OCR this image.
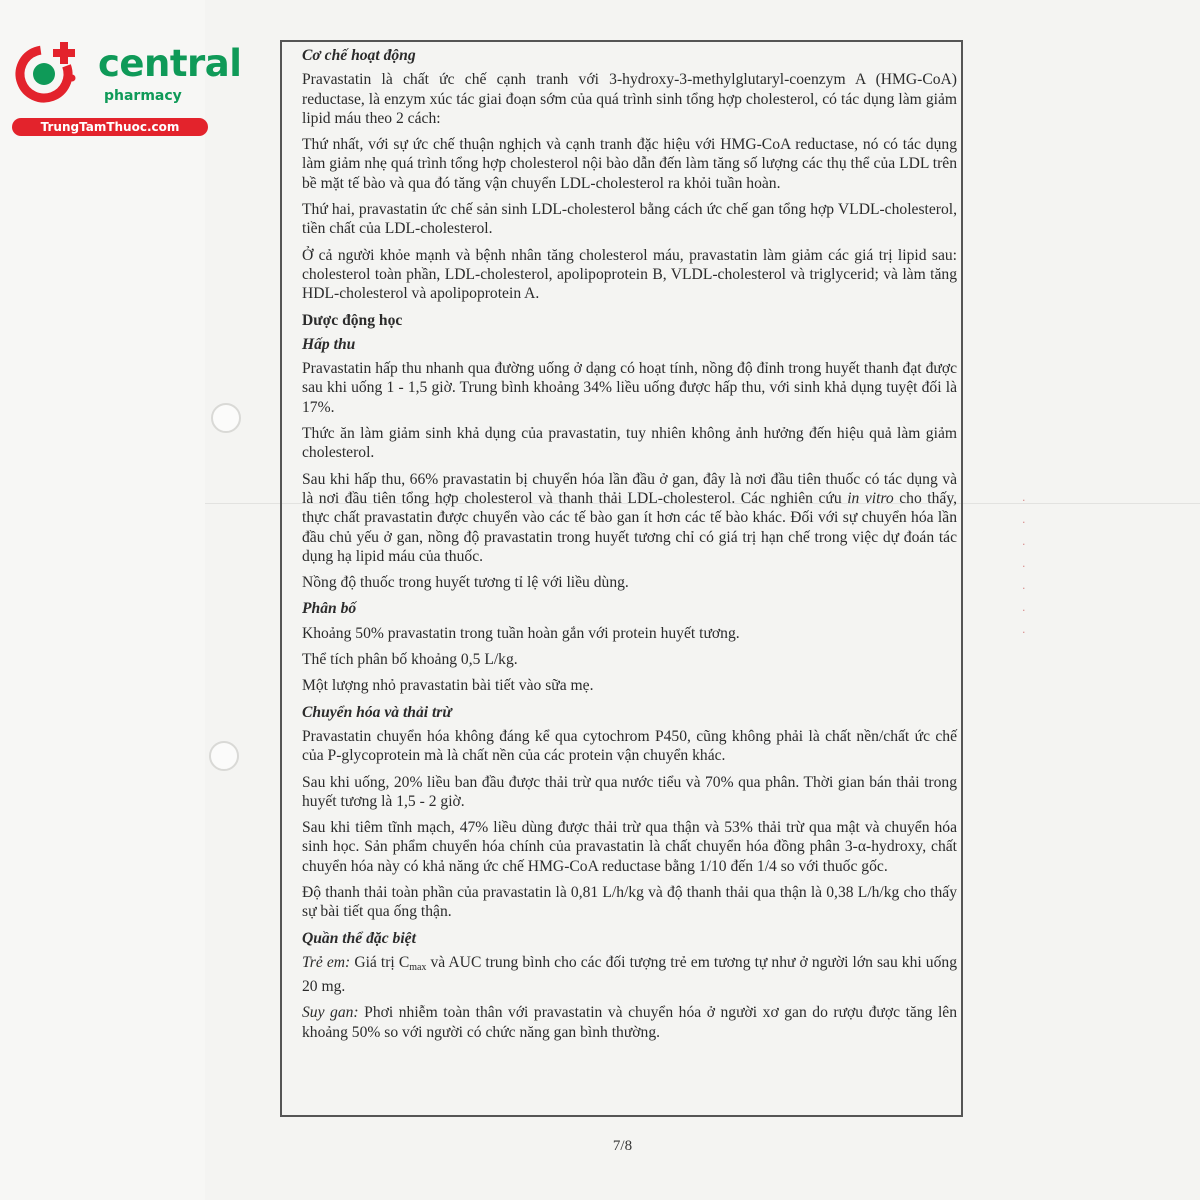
·
·
·
·
·
·
·
central
pharmacy
TrungTamThuoc.com
Cơ chế hoạt động

Pravastatin là chất ức chế cạnh tranh với 3-hydroxy-3-methylglutaryl-coenzym A (HMG-CoA) reductase, là enzym xúc tác giai đoạn sớm của quá trình sinh tổng hợp cholesterol, có tác dụng làm giảm lipid máu theo 2 cách:

Thứ nhất, với sự ức chế thuận nghịch và cạnh tranh đặc hiệu với HMG-CoA reductase, nó có tác dụng làm giảm nhẹ quá trình tổng hợp cholesterol nội bào dẫn đến làm tăng số lượng các thụ thể của LDL trên bề mặt tế bào và qua đó tăng vận chuyển LDL-cholesterol ra khỏi tuần hoàn.

Thứ hai, pravastatin ức chế sản sinh LDL-cholesterol bằng cách ức chế gan tổng hợp VLDL-cholesterol, tiền chất của LDL-cholesterol.

Ở cả người khỏe mạnh và bệnh nhân tăng cholesterol máu, pravastatin làm giảm các giá trị lipid sau: cholesterol toàn phần, LDL-cholesterol, apolipoprotein B, VLDL-cholesterol và triglycerid; và làm tăng HDL-cholesterol và apolipoprotein A.

Dược động học
Hấp thu

Pravastatin hấp thu nhanh qua đường uống ở dạng có hoạt tính, nồng độ đỉnh trong huyết thanh đạt được sau khi uống 1 - 1,5 giờ. Trung bình khoảng 34% liều uống được hấp thu, với sinh khả dụng tuyệt đối là 17%.

Thức ăn làm giảm sinh khả dụng của pravastatin, tuy nhiên không ảnh hưởng đến hiệu quả làm giảm cholesterol.

Sau khi hấp thu, 66% pravastatin bị chuyển hóa lần đầu ở gan, đây là nơi đầu tiên thuốc có tác dụng và là nơi đầu tiên tổng hợp cholesterol và thanh thải LDL-cholesterol. Các nghiên cứu in vitro cho thấy, thực chất pravastatin được chuyển vào các tế bào gan ít hơn các tế bào khác. Đối với sự chuyển hóa lần đầu chủ yếu ở gan, nồng độ pravastatin trong huyết tương chỉ có giá trị hạn chế trong việc dự đoán tác dụng hạ lipid máu của thuốc.

Nồng độ thuốc trong huyết tương tỉ lệ với liều dùng.

Phân bố

Khoảng 50% pravastatin trong tuần hoàn gắn với protein huyết tương.

Thể tích phân bố khoảng 0,5 L/kg.

Một lượng nhỏ pravastatin bài tiết vào sữa mẹ.

Chuyển hóa và thải trừ

Pravastatin chuyển hóa không đáng kể qua cytochrom P450, cũng không phải là chất nền/chất ức chế của P-glycoprotein mà là chất nền của các protein vận chuyển khác.

Sau khi uống, 20% liều ban đầu được thải trừ qua nước tiểu và 70% qua phân. Thời gian bán thải trong huyết tương là 1,5 - 2 giờ.

Sau khi tiêm tĩnh mạch, 47% liều dùng được thải trừ qua thận và 53% thải trừ qua mật và chuyển hóa sinh học. Sản phẩm chuyển hóa chính của pravastatin là chất chuyển hóa đồng phân 3-α-hydroxy, chất chuyển hóa này có khả năng ức chế HMG-CoA reductase bằng 1/10 đến 1/4 so với thuốc gốc.

Độ thanh thải toàn phần của pravastatin là 0,81 L/h/kg và độ thanh thải qua thận là 0,38 L/h/kg cho thấy sự bài tiết qua ống thận.

Quần thể đặc biệt

Trẻ em: Giá trị $C_{max}$ và AUC trung bình cho các đối tượng trẻ em tương tự như ở người lớn sau khi uống 20 mg.

Suy gan: Phơi nhiễm toàn thân với pravastatin và chuyển hóa ở người xơ gan do rượu được tăng lên khoảng 50% so với người có chức năng gan bình thường.

7/8
